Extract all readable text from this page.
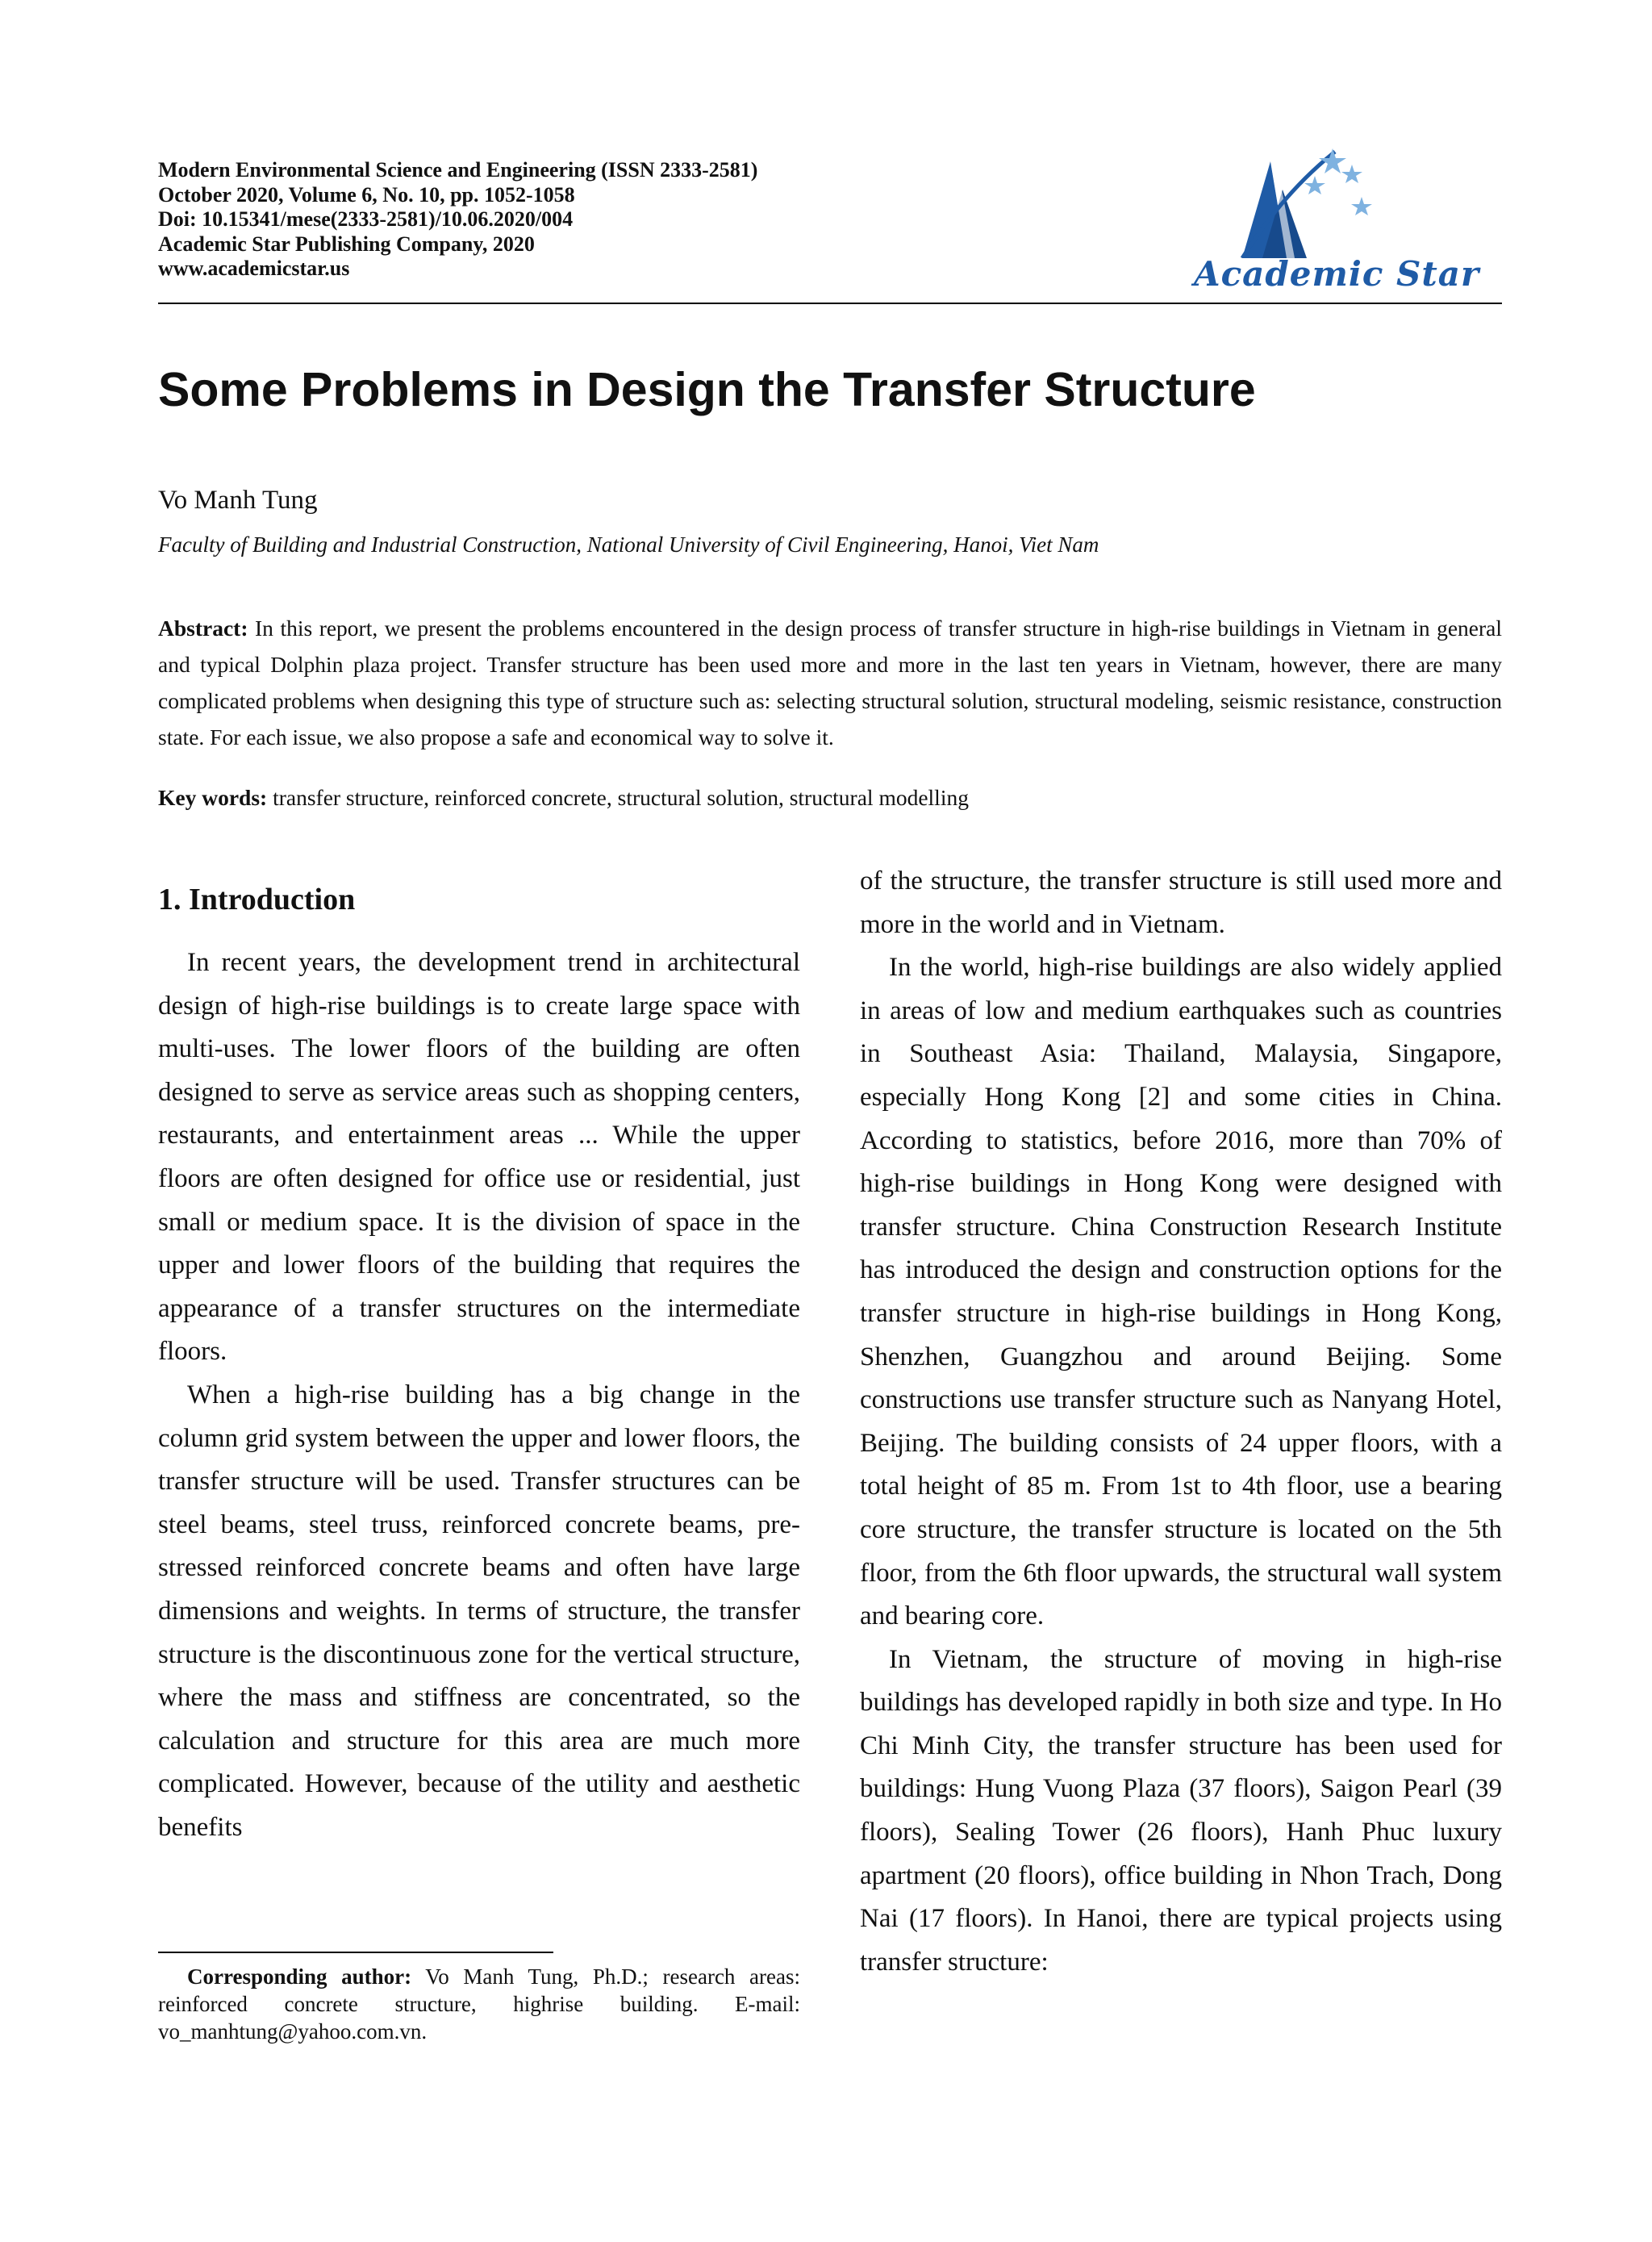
Modern Environmental Science and Engineering (ISSN 2333-2581)
October 2020, Volume 6, No. 10, pp. 1052-1058
Doi: 10.15341/mese(2333-2581)/10.06.2020/004
Academic Star Publishing Company, 2020
www.academicstar.us	Academic Star
Some Problems in Design the Transfer Structure
Vo Manh Tung
Faculty of Building and Industrial Construction, National University of Civil Engineering, Hanoi, Viet Nam
Abstract: In this report, we present the problems encountered in the design process of transfer structure in high-rise buildings in Vietnam in general and typical Dolphin plaza project. Transfer structure has been used more and more in the last ten years in Vietnam, however, there are many complicated problems when designing this type of structure such as: selecting structural solution, structural modeling, seismic resistance, construction state. For each issue, we also propose a safe and economical way to solve it.
Key words: transfer structure, reinforced concrete, structural solution, structural modelling
1. Introduction

In recent years, the development trend in architectural design of high-rise buildings is to create large space with multi-uses. The lower floors of the building are often designed to serve as service areas such as shopping centers, restaurants, and entertainment areas ... While the upper floors are often designed for office use or residential, just small or medium space. It is the division of space in the upper and lower floors of the building that requires the appearance of a transfer structures on the intermediate floors.

When a high-rise building has a big change in the column grid system between the upper and lower floors, the transfer structure will be used. Transfer structures can be steel beams, steel truss, reinforced concrete beams, pre-stressed reinforced concrete beams and often have large dimensions and weights. In terms of structure, the transfer structure is the discontinuous zone for the vertical structure, where the mass and stiffness are concentrated, so the calculation and structure for this area are much more complicated. However, because of the utility and aesthetic benefits

of the structure, the transfer structure is still used more and more in the world and in Vietnam.

In the world, high-rise buildings are also widely applied in areas of low and medium earthquakes such as countries in Southeast Asia: Thailand, Malaysia, Singapore, especially Hong Kong [2] and some cities in China. According to statistics, before 2016, more than 70% of high-rise buildings in Hong Kong were designed with transfer structure. China Construction Research Institute has introduced the design and construction options for the transfer structure in high-rise buildings in Hong Kong, Shenzhen, Guangzhou and around Beijing. Some constructions use transfer structure such as Nanyang Hotel, Beijing. The building consists of 24 upper floors, with a total height of 85 m. From 1st to 4th floor, use a bearing core structure, the transfer structure is located on the 5th floor, from the 6th floor upwards, the structural wall system and bearing core.

In Vietnam, the structure of moving in high-rise buildings has developed rapidly in both size and type. In Ho Chi Minh City, the transfer structure has been used for buildings: Hung Vuong Plaza (37 floors), Saigon Pearl (39 floors), Sealing Tower (26 floors), Hanh Phuc luxury apartment (20 floors), office building in Nhon Trach, Dong Nai (17 floors). In Hanoi, there are typical projects using transfer structure:

Corresponding author: Vo Manh Tung, Ph.D.; research areas: reinforced concrete structure, highrise building. E-mail: vo_manhtung@yahoo.com.vn.
